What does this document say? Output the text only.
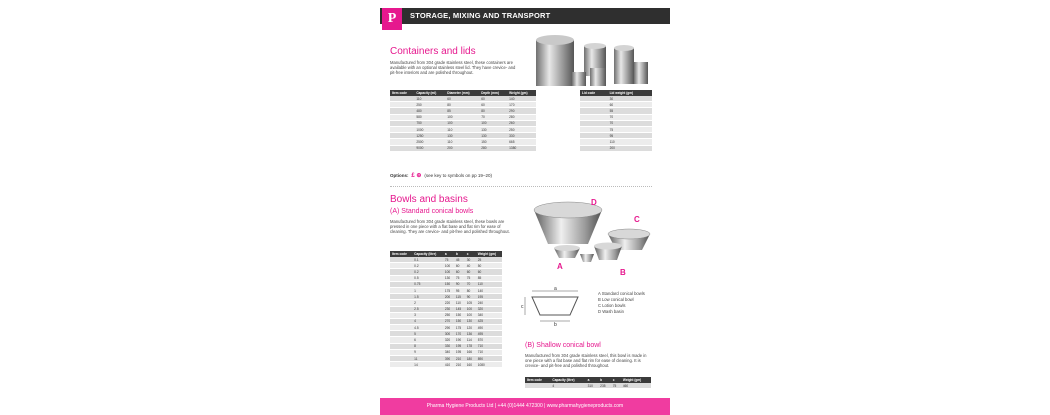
P	STORAGE, MIXING AND TRANSPORT
Containers and lids

Manufactured from 304 grade stainless steel, these containers are available with an optional stainless steel lid. They have crevice- and pit-free interiors and are polished throughout.

Item code	Capacity (ml)	Diameter (mm)	Depth (mm)	Weight (gm)
	110	60	60	140
	250	80	60	170
	480	85	80	290
	580	100	70	280
	750	100	100	260
	1000	110	130	250
	1250	130	130	330
	2500	110	150	665
	9000	200	280	1380
Lid code	Lid weight (gm)
	30
	60
	55
	70
	70
	75
	95
	110
	200
Options:  £ ⊕  (see key to symbols on pp 19–20)
Bowls and basins
(A) Standard conical bowls

Manufactured from 304 grade stainless steel, these bowls are pressed in one piece with a flat base and flat rim for ease of cleaning. They are crevice- and pit-free and polished throughout.

Item code	Capacity (litre)	a	b	c	Weight (gm)
	0.1	75	45	30	25
	0.2	100	60	40	50
	0.2	100	60	60	60
	0.5	130	75	75	85
	0.75	150	90	70	110
	1	175	95	80	140
	1.5	200	115	90	195
	2	220	110	105	240
	2.5	230	145	100	320
	3	250	150	100	340
	4	270	150	130	425
	4.5	290	175	120	490
	5	300	170	136	495
	6	320	190	114	570
	8	330	195	178	710
	9	340	195	166	710
	11	390	210	180	890
	14	410	210	160	1080
D
C
A
B
a
b
c
A Standard conical bowls
B Low conical bowl
C Lotion bowls
D Wash basin
(B) Shallow conical bowl

Manufactured from 304 grade stainless steel, this bowl is made in one piece with a flat base and flat rim for ease of cleaning. It is crevice- and pit-free and polished throughout.

Item code	Capacity (litre)	a	b	c	Weight (gm)
	4	310	235	75	460
Pharma Hygiene Products Ltd | +44 (0)1444 472300 | www.pharmahygieneproducts.com
